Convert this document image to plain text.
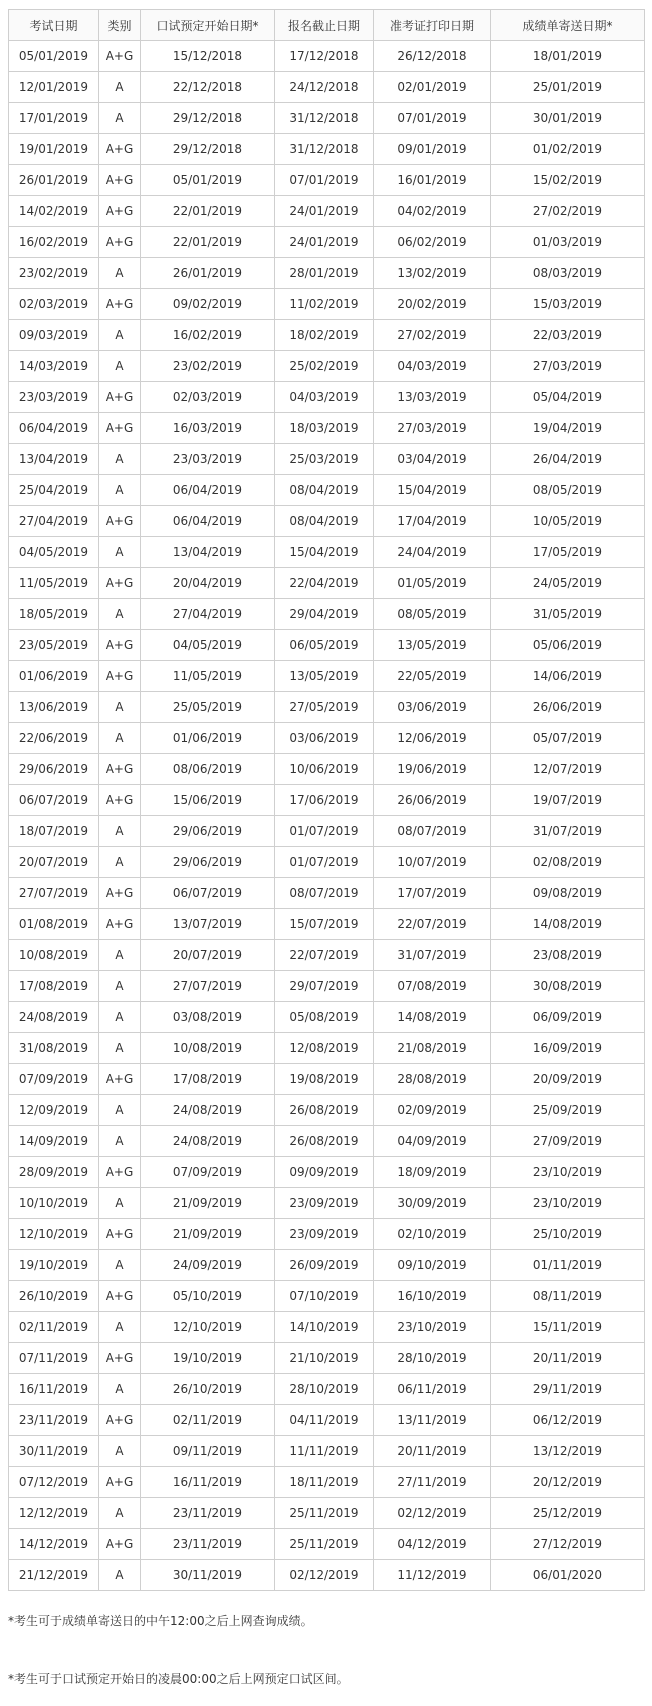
考试日期	类别	口试预定开始日期*	报名截止日期	准考证打印日期	成绩单寄送日期*
05/01/2019	A+G	15/12/2018	17/12/2018	26/12/2018	18/01/2019
12/01/2019	A	22/12/2018	24/12/2018	02/01/2019	25/01/2019
17/01/2019	A	29/12/2018	31/12/2018	07/01/2019	30/01/2019
19/01/2019	A+G	29/12/2018	31/12/2018	09/01/2019	01/02/2019
26/01/2019	A+G	05/01/2019	07/01/2019	16/01/2019	15/02/2019
14/02/2019	A+G	22/01/2019	24/01/2019	04/02/2019	27/02/2019
16/02/2019	A+G	22/01/2019	24/01/2019	06/02/2019	01/03/2019
23/02/2019	A	26/01/2019	28/01/2019	13/02/2019	08/03/2019
02/03/2019	A+G	09/02/2019	11/02/2019	20/02/2019	15/03/2019
09/03/2019	A	16/02/2019	18/02/2019	27/02/2019	22/03/2019
14/03/2019	A	23/02/2019	25/02/2019	04/03/2019	27/03/2019
23/03/2019	A+G	02/03/2019	04/03/2019	13/03/2019	05/04/2019
06/04/2019	A+G	16/03/2019	18/03/2019	27/03/2019	19/04/2019
13/04/2019	A	23/03/2019	25/03/2019	03/04/2019	26/04/2019
25/04/2019	A	06/04/2019	08/04/2019	15/04/2019	08/05/2019
27/04/2019	A+G	06/04/2019	08/04/2019	17/04/2019	10/05/2019
04/05/2019	A	13/04/2019	15/04/2019	24/04/2019	17/05/2019
11/05/2019	A+G	20/04/2019	22/04/2019	01/05/2019	24/05/2019
18/05/2019	A	27/04/2019	29/04/2019	08/05/2019	31/05/2019
23/05/2019	A+G	04/05/2019	06/05/2019	13/05/2019	05/06/2019
01/06/2019	A+G	11/05/2019	13/05/2019	22/05/2019	14/06/2019
13/06/2019	A	25/05/2019	27/05/2019	03/06/2019	26/06/2019
22/06/2019	A	01/06/2019	03/06/2019	12/06/2019	05/07/2019
29/06/2019	A+G	08/06/2019	10/06/2019	19/06/2019	12/07/2019
06/07/2019	A+G	15/06/2019	17/06/2019	26/06/2019	19/07/2019
18/07/2019	A	29/06/2019	01/07/2019	08/07/2019	31/07/2019
20/07/2019	A	29/06/2019	01/07/2019	10/07/2019	02/08/2019
27/07/2019	A+G	06/07/2019	08/07/2019	17/07/2019	09/08/2019
01/08/2019	A+G	13/07/2019	15/07/2019	22/07/2019	14/08/2019
10/08/2019	A	20/07/2019	22/07/2019	31/07/2019	23/08/2019
17/08/2019	A	27/07/2019	29/07/2019	07/08/2019	30/08/2019
24/08/2019	A	03/08/2019	05/08/2019	14/08/2019	06/09/2019
31/08/2019	A	10/08/2019	12/08/2019	21/08/2019	16/09/2019
07/09/2019	A+G	17/08/2019	19/08/2019	28/08/2019	20/09/2019
12/09/2019	A	24/08/2019	26/08/2019	02/09/2019	25/09/2019
14/09/2019	A	24/08/2019	26/08/2019	04/09/2019	27/09/2019
28/09/2019	A+G	07/09/2019	09/09/2019	18/09/2019	23/10/2019
10/10/2019	A	21/09/2019	23/09/2019	30/09/2019	23/10/2019
12/10/2019	A+G	21/09/2019	23/09/2019	02/10/2019	25/10/2019
19/10/2019	A	24/09/2019	26/09/2019	09/10/2019	01/11/2019
26/10/2019	A+G	05/10/2019	07/10/2019	16/10/2019	08/11/2019
02/11/2019	A	12/10/2019	14/10/2019	23/10/2019	15/11/2019
07/11/2019	A+G	19/10/2019	21/10/2019	28/10/2019	20/11/2019
16/11/2019	A	26/10/2019	28/10/2019	06/11/2019	29/11/2019
23/11/2019	A+G	02/11/2019	04/11/2019	13/11/2019	06/12/2019
30/11/2019	A	09/11/2019	11/11/2019	20/11/2019	13/12/2019
07/12/2019	A+G	16/11/2019	18/11/2019	27/11/2019	20/12/2019
12/12/2019	A	23/11/2019	25/11/2019	02/12/2019	25/12/2019
14/12/2019	A+G	23/11/2019	25/11/2019	04/12/2019	27/12/2019
21/12/2019	A	30/11/2019	02/12/2019	11/12/2019	06/01/2020
*考生可于成绩单寄送日的中午12:00之后上网查询成绩。
*考生可于口试预定开始日的凌晨00:00之后上网预定口试区间。
